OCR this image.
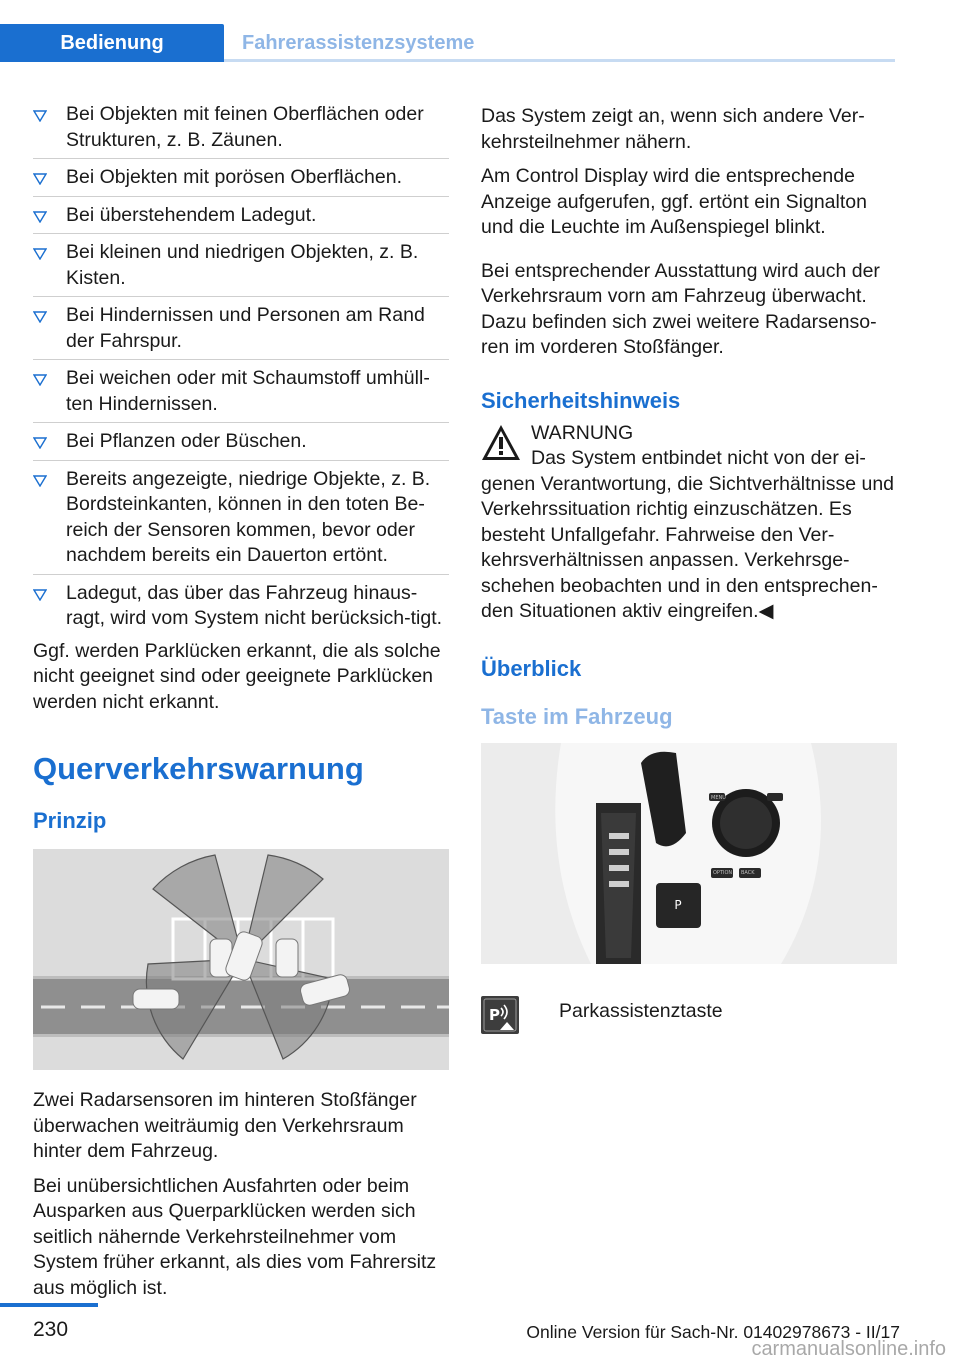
Bedienung	Fahrerassistenzsysteme
Bei Objekten mit feinen Oberflächen oder Strukturen, z. B. Zäunen.
Bei Objekten mit porösen Oberflächen.
Bei überstehendem Ladegut.
Bei kleinen und niedrigen Objekten, z. B. Kisten.
Bei Hindernissen und Personen am Rand der Fahrspur.
Bei weichen oder mit Schaumstoff umhüll‐ten Hindernissen.
Bei Pflanzen oder Büschen.
Bereits angezeigte, niedrige Objekte, z. B. Bordsteinkanten, können in den toten Be‐reich der Sensoren kommen, bevor oder nachdem bereits ein Dauerton ertönt.
Ladegut, das über das Fahrzeug hinaus‐ragt, wird vom System nicht berücksich‐tigt.

Ggf. werden Parklücken erkannt, die als solche nicht geeignet sind oder geeignete Parklücken werden nicht erkannt.

Querverkehrswarnung
Prinzip

Zwei Radarsensoren im hinteren Stoßfänger überwachen weiträumig den Verkehrsraum hinter dem Fahrzeug.

Bei unübersichtlichen Ausfahrten oder beim Ausparken aus Querparklücken werden sich seitlich nähernde Verkehrsteilnehmer vom System früher erkannt, als dies vom Fahrersitz aus möglich ist.

Das System zeigt an, wenn sich andere Ver‐kehrsteilnehmer nähern.

Am Control Display wird die entsprechende Anzeige aufgerufen, ggf. ertönt ein Signalton und die Leuchte im Außenspiegel blinkt.

Bei entsprechender Ausstattung wird auch der Verkehrsraum vorn am Fahrzeug überwacht. Dazu befinden sich zwei weitere Radarsenso‐ren im vorderen Stoßfänger.

Sicherheitshinweis
WARNUNG

Das System entbindet nicht von der ei‐genen Verantwortung, die Sichtverhältnisse und Verkehrssituation richtig einzuschätzen. Es besteht Unfallgefahr. Fahrweise den Ver‐kehrsverhältnissen anpassen. Verkehrsge‐schehen beobachten und in den entsprechen‐den Situationen aktiv eingreifen.◀

Überblick
Taste im Fahrzeug
P
OPTION
MENU
BACK
P	Parkassistenztaste
230	Online Version für Sach-Nr. 01402978673 - II/17
carmanualsonline.info
